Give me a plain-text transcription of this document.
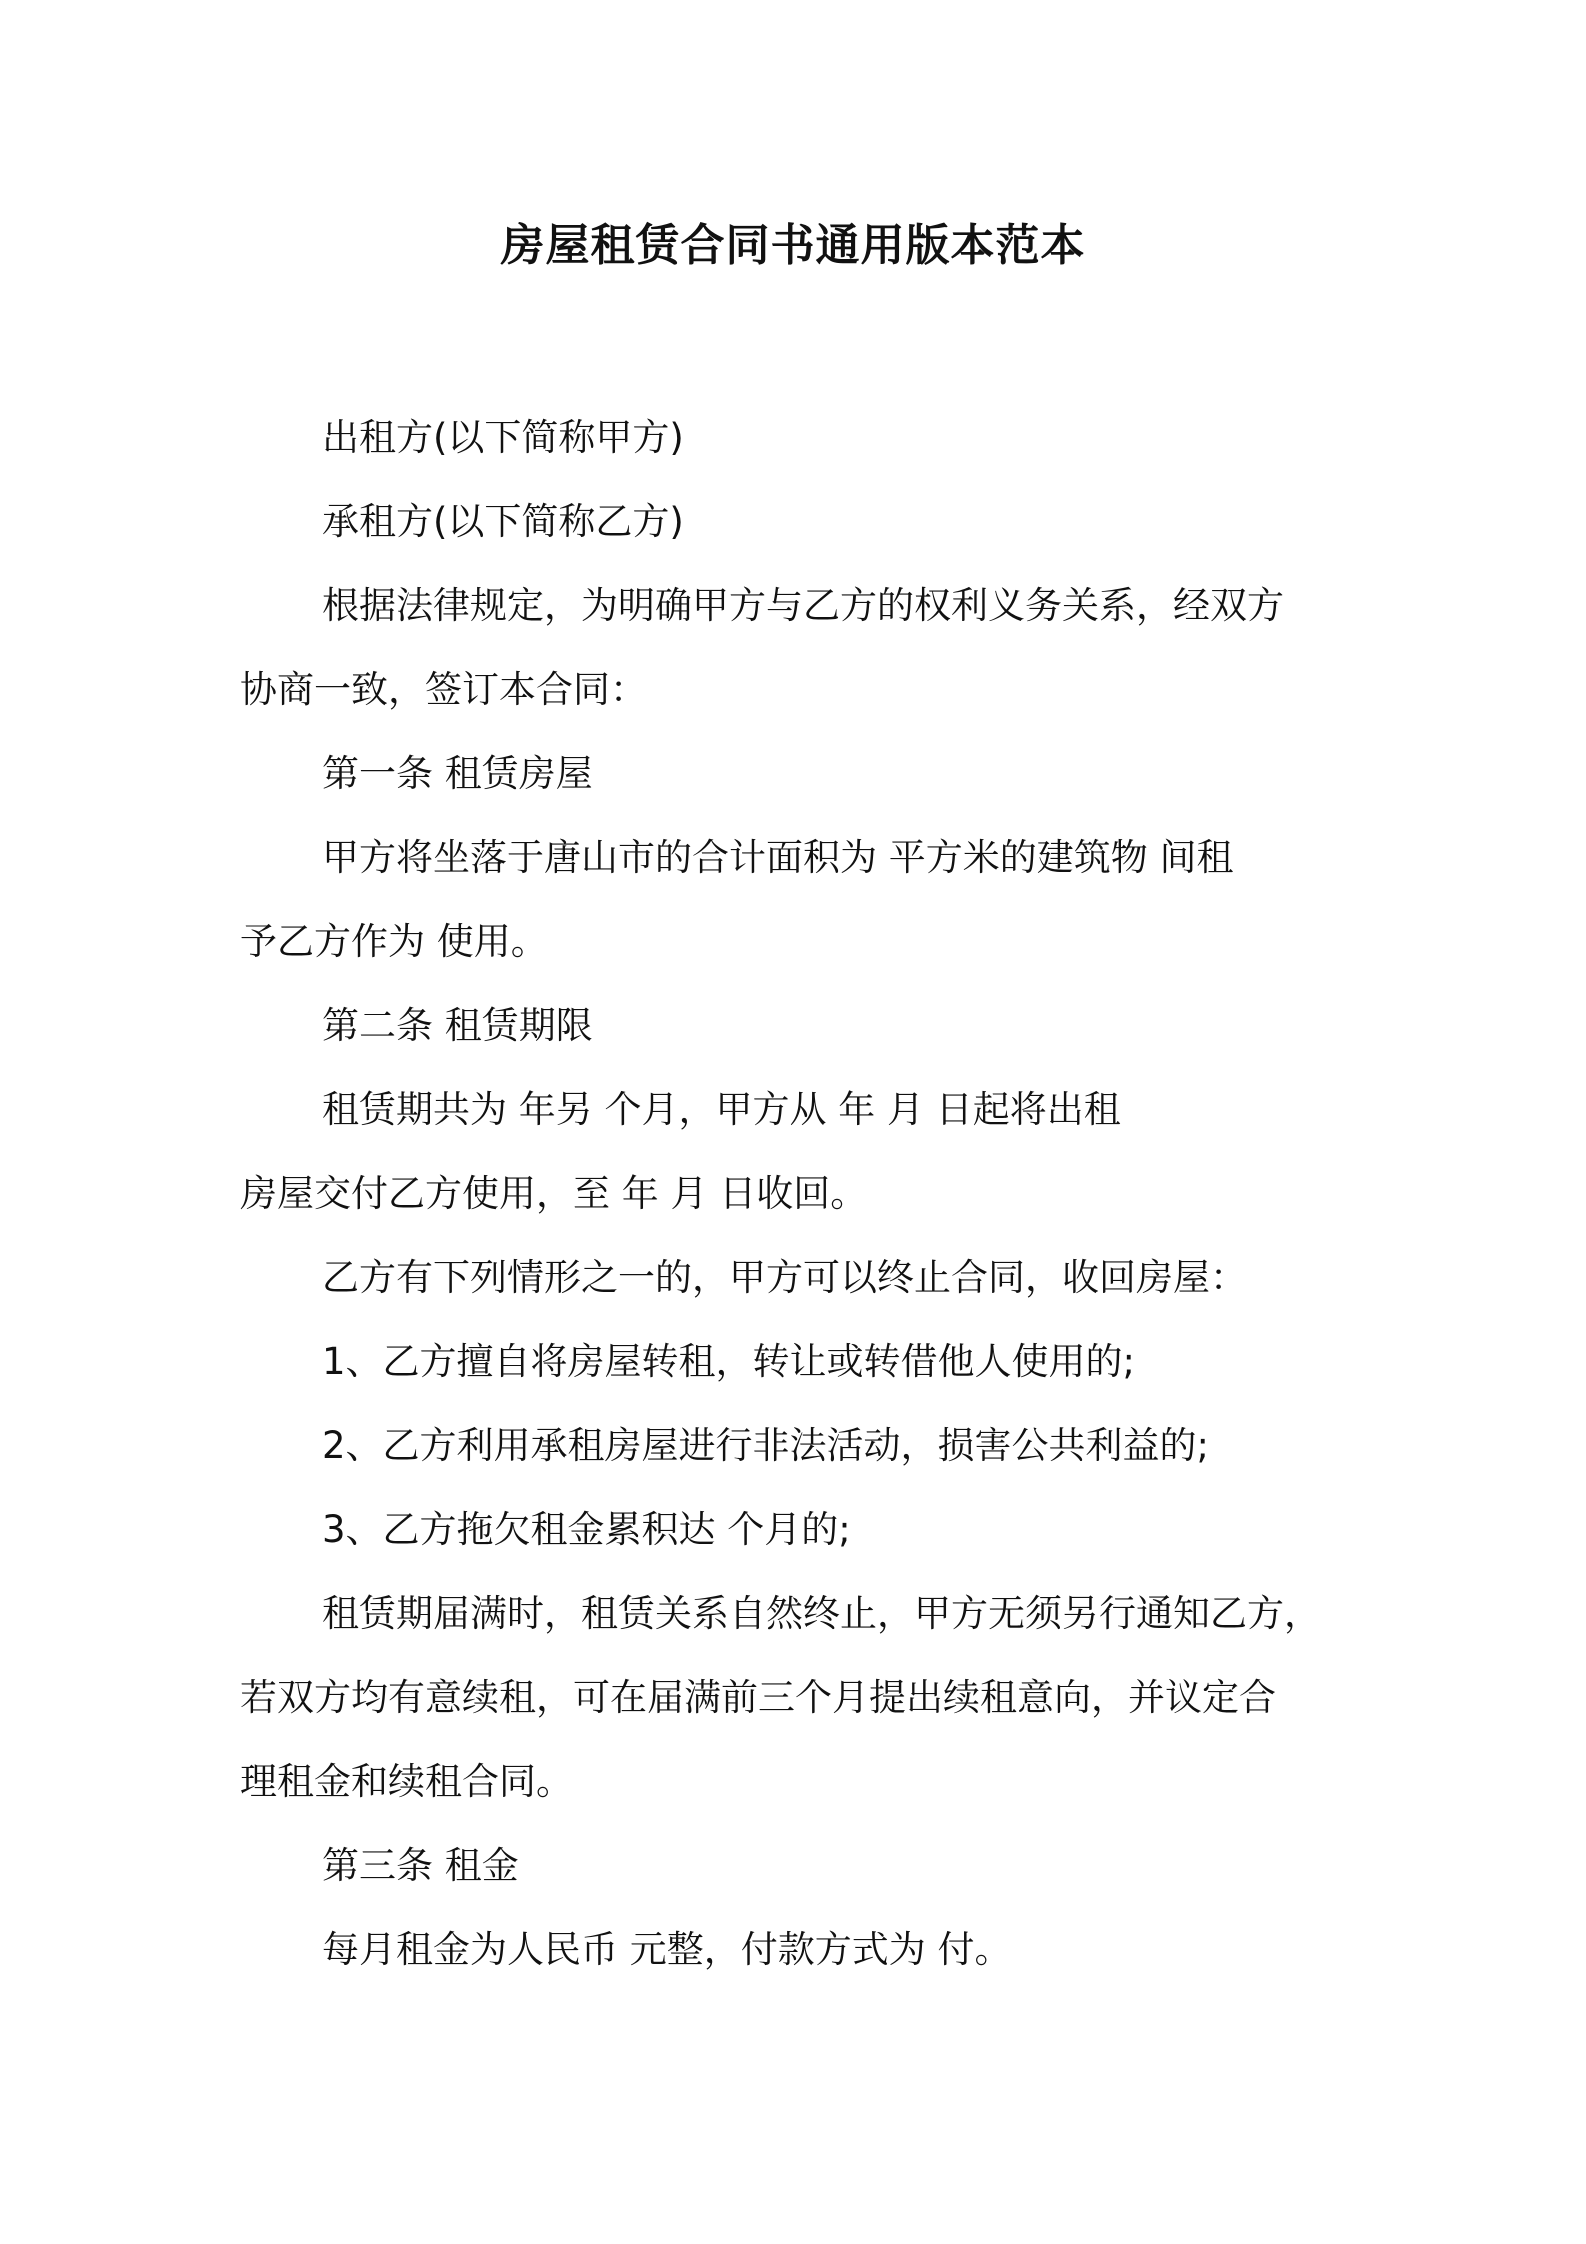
房屋租赁合同书通用版本范本
出租方(以下简称甲方)
承租方(以下简称乙方)
根据法律规定，为明确甲方与乙方的权利义务关系，经双方
协商一致，签订本合同：
第一条 租赁房屋
甲方将坐落于唐山市的合计面积为 平方米的建筑物 间租
予乙方作为 使用。
第二条 租赁期限
租赁期共为 年另 个月，甲方从 年 月 日起将出租
房屋交付乙方使用，至 年 月 日收回。
乙方有下列情形之一的，甲方可以终止合同，收回房屋：
1、乙方擅自将房屋转租，转让或转借他人使用的;
2、乙方利用承租房屋进行非法活动，损害公共利益的;
3、乙方拖欠租金累积达 个月的;
租赁期届满时，租赁关系自然终止，甲方无须另行通知乙方，
若双方均有意续租，可在届满前三个月提出续租意向，并议定合
理租金和续租合同。
第三条 租金
每月租金为人民币 元整，付款方式为 付。
